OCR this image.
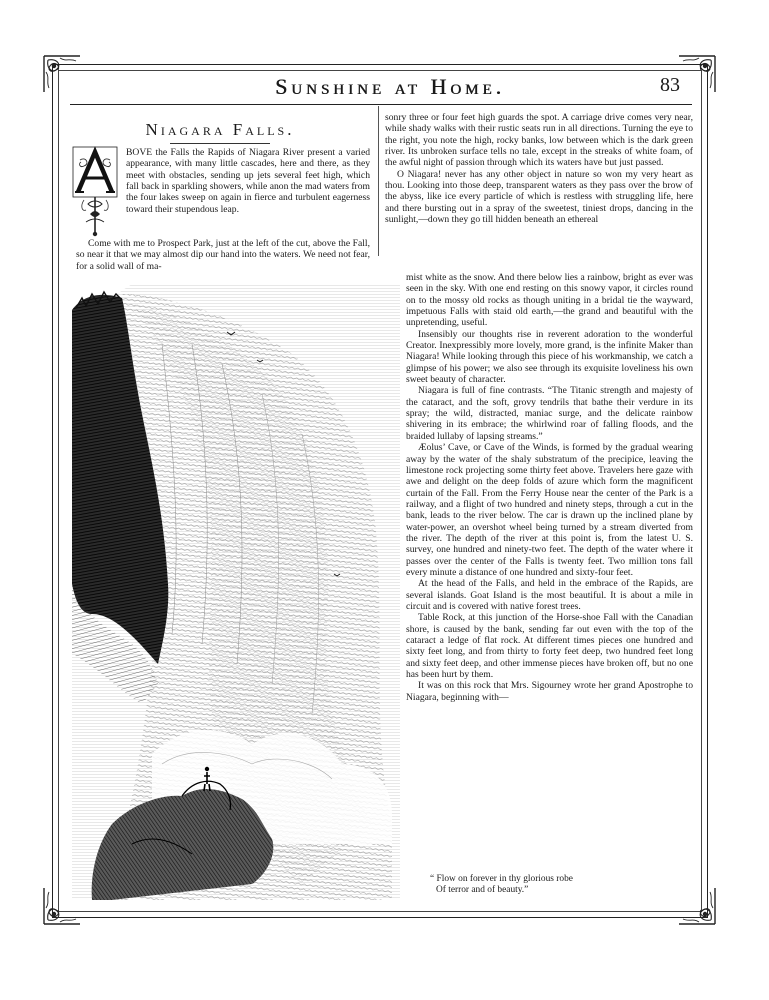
Sunshine at Home.	83
Niagara Falls.

BOVE the Falls the Rapids of Niagara River present a varied appearance, with many little cascades, here and there, as they meet with obstacles, sending up jets several feet high, which fall back in sparkling showers, while anon the mad waters from the four lakes sweep on again in fierce and turbulent eagerness toward their stupendous leap.

Come with me to Prospect Park, just at the left of the cut, above the Fall, so near it that we may almost dip our hand into the waters. We need not fear, for a solid wall of ma-

sonry three or four feet high guards the spot. A carriage drive comes very near, while shady walks with their rustic seats run in all directions. Turning the eye to the right, you note the high, rocky banks, low between which is the dark green river. Its unbroken surface tells no tale, except in the streaks of white foam, of the awful night of passion through which its waters have but just passed.

O Niagara! never has any other object in nature so won my very heart as thou. Looking into those deep, transparent waters as they pass over the brow of the abyss, like ice every particle of which is restless with struggling life, here and there bursting out in a spray of the sweetest, tiniest drops, dancing in the sunlight,—down they go till hidden beneath an ethereal

mist white as the snow. And there below lies a rainbow, bright as ever was seen in the sky. With one end resting on this snowy vapor, it circles round on to the mossy old rocks as though uniting in a bridal tie the wayward, impetuous Falls with staid old earth,—the grand and beautiful with the unpretending, useful.

Insensibly our thoughts rise in reverent adoration to the wonderful Creator. Inexpressibly more lovely, more grand, is the infinite Maker than Niagara! While looking through this piece of his workmanship, we catch a glimpse of his power; we also see through its exquisite loveliness his own sweet beauty of character.

Niagara is full of fine contrasts. “The Titanic strength and majesty of the cataract, and the soft, grovy tendrils that bathe their verdure in its spray; the wild, distracted, maniac surge, and the delicate rainbow shivering in its embrace; the whirlwind roar of falling floods, and the braided lullaby of lapsing streams.”

Æolus’ Cave, or Cave of the Winds, is formed by the gradual wearing away by the water of the shaly substratum of the precipice, leaving the limestone rock projecting some thirty feet above. Travelers here gaze with awe and delight on the deep folds of azure which form the magnificent curtain of the Fall. From the Ferry House near the center of the Park is a railway, and a flight of two hundred and ninety steps, through a cut in the bank, leads to the river below. The car is drawn up the inclined plane by water-power, an overshot wheel being turned by a stream diverted from the river. The depth of the river at this point is, from the latest U. S. survey, one hundred and ninety-two feet. The depth of the water where it passes over the center of the Falls is twenty feet. Two million tons fall every minute a distance of one hundred and sixty-four feet.

At the head of the Falls, and held in the embrace of the Rapids, are several islands. Goat Island is the most beautiful. It is about a mile in circuit and is covered with native forest trees.

Table Rock, at this junction of the Horse-shoe Fall with the Canadian shore, is caused by the bank, sending far out even with the top of the cataract a ledge of flat rock. At different times pieces one hundred and sixty feet long, and from thirty to forty feet deep, two hundred feet long and sixty feet deep, and other immense pieces have broken off, but no one has been hurt by them.

It was on this rock that Mrs. Sigourney wrote her grand Apostrophe to Niagara, beginning with—

“ Flow on forever in thy glorious robe
Of terror and of beauty.”
